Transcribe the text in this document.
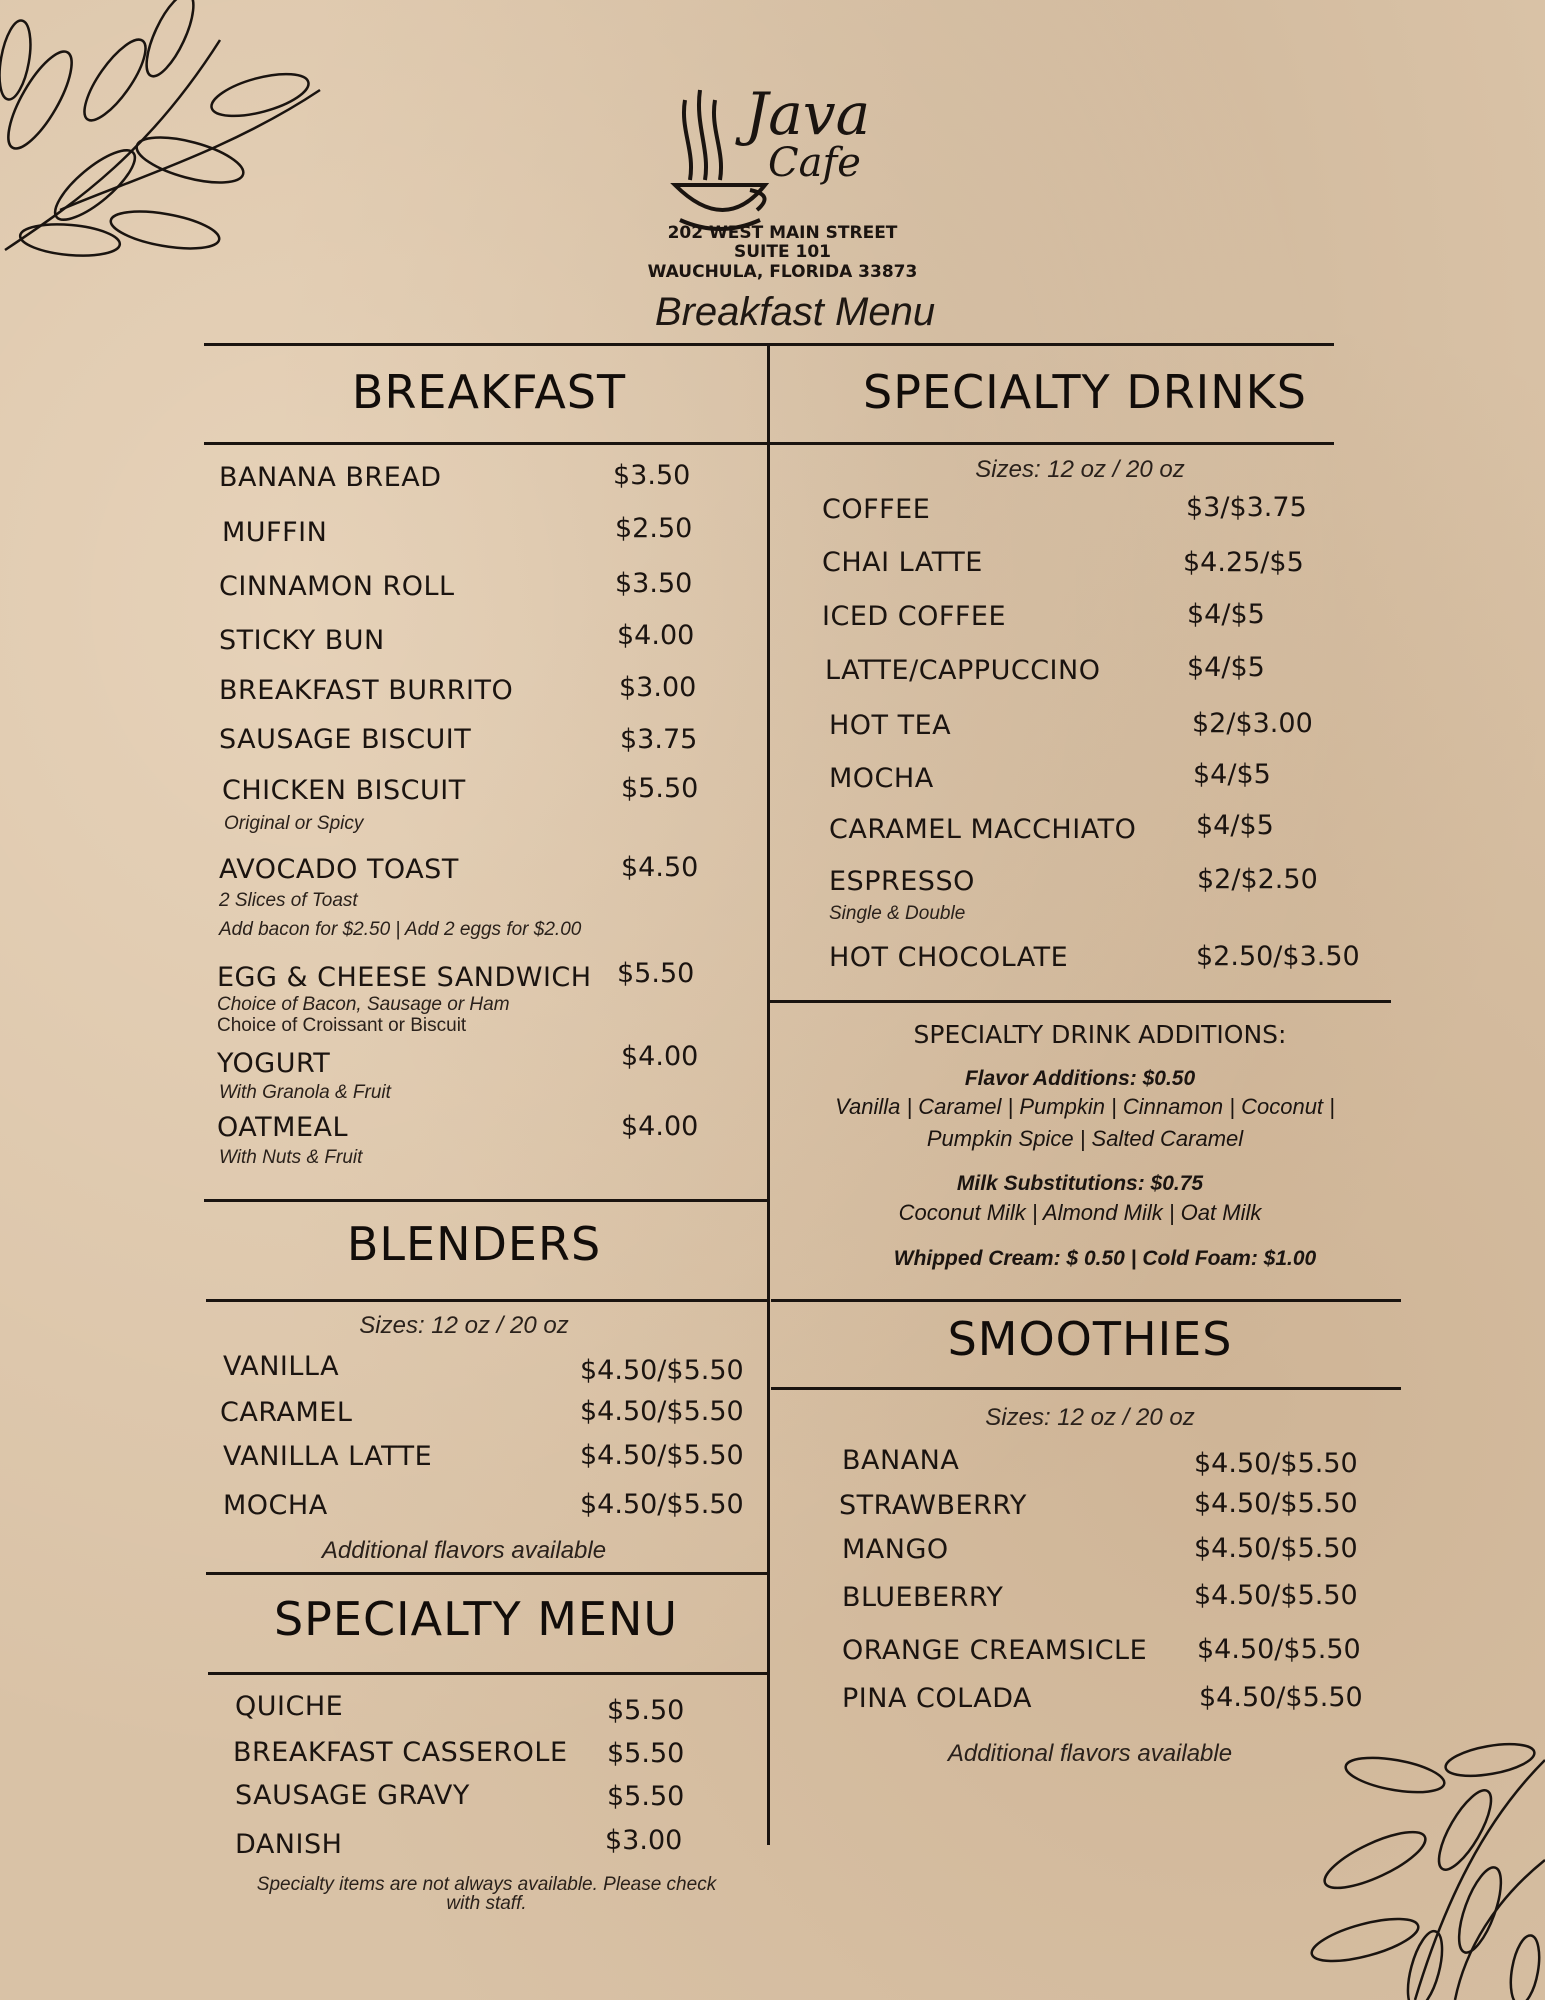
Java
Cafe
202 WEST MAIN STREET
SUITE 101
WAUCHULA, FLORIDA 33873
Breakfast Menu
BREAKFAST
BANANA BREAD	$3.50
MUFFIN	$2.50
CINNAMON ROLL	$3.50
STICKY BUN	$4.00
BREAKFAST BURRITO	$3.00
SAUSAGE BISCUIT	$3.75
CHICKEN BISCUIT	$5.50
Original or Spicy
AVOCADO TOAST	$4.50
2 Slices of Toast
Add bacon for $2.50 | Add 2 eggs for $2.00
EGG & CHEESE SANDWICH $5.50
Choice of Bacon, Sausage or Ham
Choice of Croissant or Biscuit
YOGURT	$4.00
With Granola & Fruit
OATMEAL	$4.00
With Nuts & Fruit
BLENDERS
Sizes: 12 oz / 20 oz
VANILLA	$4.50/$5.50
CARAMEL	$4.50/$5.50
VANILLA LATTE	$4.50/$5.50
MOCHA	$4.50/$5.50
Additional flavors available
SPECIALTY MENU
QUICHE	$5.50
BREAKFAST CASSEROLE $5.50
SAUSAGE GRAVY	$5.50
DANISH	$3.00
Specialty items are not always available. Please check
with staff.
SPECIALTY DRINKS
Sizes: 12 oz / 20 oz
COFFEE	$3/$3.75
CHAI LATTE	$4.25/$5
ICED COFFEE	$4/$5
LATTE/CAPPUCCINO	$4/$5
HOT TEA	$2/$3.00
MOCHA	$4/$5
CARAMEL MACCHIATO $4/$5
ESPRESSO	$2/$2.50
Single & Double
HOT CHOCOLATE	$2.50/$3.50
SPECIALTY DRINK ADDITIONS:
Flavor Additions: $0.50
Vanilla | Caramel | Pumpkin | Cinnamon | Coconut |
Pumpkin Spice | Salted Caramel
Milk Substitutions: $0.75
Coconut Milk | Almond Milk | Oat Milk
Whipped Cream: $ 0.50 | Cold Foam: $1.00
SMOOTHIES
Sizes: 12 oz / 20 oz
BANANA	$4.50/$5.50
STRAWBERRY	$4.50/$5.50
MANGO	$4.50/$5.50
BLUEBERRY	$4.50/$5.50
ORANGE CREAMSICLE $4.50/$5.50
PINA COLADA	$4.50/$5.50
Additional flavors available
